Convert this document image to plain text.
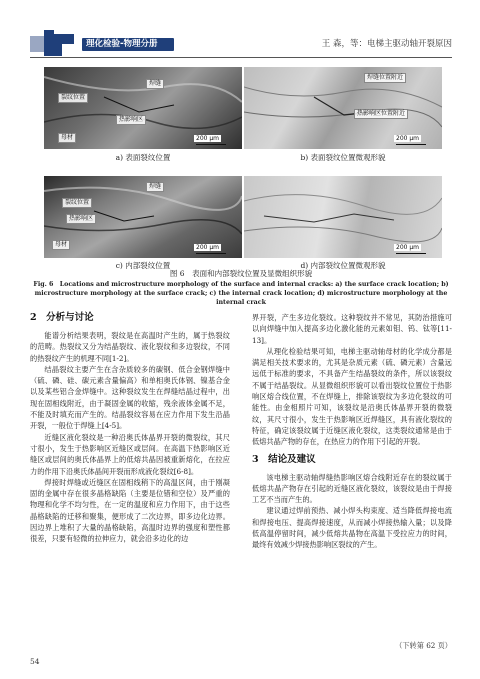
理化检验-物理分册	王 森，等：电梯主驱动轴开裂原因
焊缝
裂纹位置
热影响区
母材	200 μm
a) 表面裂纹位置
焊缝位置附近
热影响区位置附近
200 μm
b) 表面裂纹位置微观形貌
焊缝
裂纹位置
热影响区
母材	200 μm
c) 内部裂纹位置
200 μm
d) 内部裂纹位置微观形貌
图 6　表面和内部裂纹位置及显微组织形貌
Fig. 6　Locations and microstructure morphology of the surface and internal cracks: a) the surface crack location; b) microstructure morphology at the surface crack; c) the internal crack location; d) microstructure morphology at the internal crack
2　分析与讨论

能谱分析结果表明，裂纹是在高温时产生的，属于热裂纹的范畴。热裂纹又分为结晶裂纹、液化裂纹和多边裂纹，不同的热裂纹产生的机理不同[1-2]。

结晶裂纹主要产生在含杂质较多的碳钢、低合金钢焊缝中（硫、磷、硅、碳元素含量偏高）和单相奥氏体钢、镍基合金以及某些铝合金焊缝中。这种裂纹发生在焊缝结晶过程中，出现在固相线附近，由于凝固金属的收缩，残余液体金属不足，不能及时填充而产生的。结晶裂纹容易在应力作用下发生沿晶开裂，一般位于焊缝上[4-5]。

近缝区液化裂纹是一种沿奥氏体晶界开裂的微裂纹，其尺寸很小，发生于热影响区近缝区或层间。在高温下热影响区近缝区或层间的奥氏体晶界上的低熔共晶因被重新熔化，在拉应力的作用下沿奥氏体晶间开裂而形成液化裂纹[6-8]。

焊接时焊缝或近缝区在固相线稍下的高温区间，由于刚凝固的金属中存在很多晶格缺陷（主要是位错和空位）及严重的物理和化学不均匀性，在一定的温度和应力作用下，由于这些晶格缺陷的迁移和聚集，便形成了二次边界，即多边化边界。因边界上堆积了大量的晶格缺陷，高温时边界的强度和塑性都很差，只要有轻微的拉伸应力，就会沿多边化的边

界开裂，产生多边化裂纹。这种裂纹并不常见，其防治措施可以向焊缝中加入提高多边化激化能的元素如钼、钨、钛等[11-13]。

从理化检验结果可知，电梯主驱动轴母材的化学成分都是满足相关技术要求的，尤其是杂质元素（硫、磷元素）含量远远低于标准的要求，不具备产生结晶裂纹的条件，所以该裂纹不属于结晶裂纹。从显微组织形貌可以看出裂纹位置位于热影响区熔合线位置，不在焊缝上，排除该裂纹为多边化裂纹的可能性。由金相照片可知，该裂纹是沿奥氏体晶界开裂的微裂纹，其尺寸很小，发生于热影响区近焊缝区，具有液化裂纹的特征，确定该裂纹属于近缝区液化裂纹，这类裂纹通常是由于低熔共晶产物的存在，在热应力的作用下引起的开裂。

3　结论及建议

该电梯主驱动轴焊缝热影响区熔合线附近存在的裂纹属于低熔共晶产物存在引起的近缝区液化裂纹，该裂纹是由于焊接工艺不当而产生的。

建议通过焊前预热、减小焊头构束度、适当降低焊接电流和焊接电压、提高焊接速度，从而减小焊接热输入量；以及降低高温停留时间，减少低熔共晶物在高温下受拉应力的时间，最终有效减少焊接热影响区裂纹的产生。

（下转第 62 页）
54
